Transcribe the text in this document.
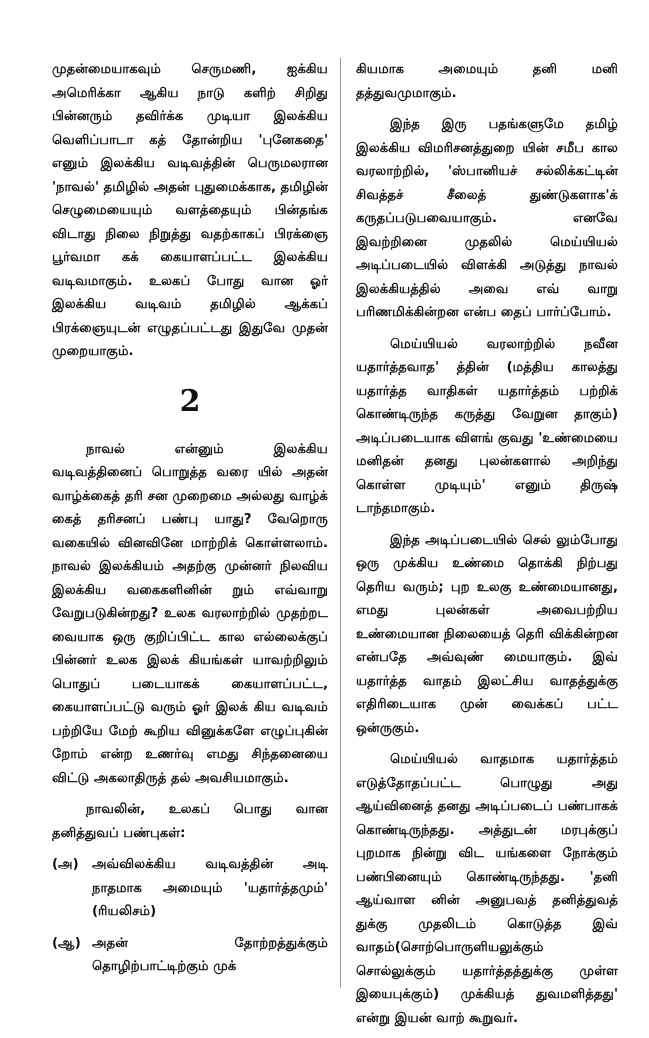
முதன்மையாகவும் செருமணி, ஐக்கிய அமெரிக்கா ஆகிய நாடு களிற் சிறிது பின்னரும் தவிர்க்க முடியா இலக்கிய வெளிப்பாடா கத் தோன்றிய 'புனேகதை' எனும் இலக்கிய வடிவத்தின் பெருமலரான 'நாவல்' தமிழில் அதன் புதுமைக்காக, தமிழின் செழுமையையும் வளத்தையும் பின்தங்க விடாது நிலை நிறுத்து வதற்காகப் பிரக்ஞை பூர்வமா கக் கையாளப்பட்ட இலக்கிய வடிவமாகும். உலகப் போது வான ஓர் இலக்கிய வடிவம் தமிழில் ஆக்கப் பிரக்ஞையுடன் எழுதப்பட்டது இதுவே முதன் முறையாகும்.

2

நாவல் என்னும் இலக்கிய வடிவத்தினைப் பொறுத்த வரை யில் அதன் வாழ்க்கைத் தரி சன முறைமை அல்லது வாழ்க் கைத் தரிசனப் பண்பு யாது? வேறொரு வகையில் வினவினே மாற்றிக் கொள்ளலாம். நாவல் இலக்கியம் அதற்கு முன்னர் நிலவிய இலக்கிய வகைகளினின் றும் எவ்வாறு வேறுபடுகின்றது? உலக வரலாற்றில் முதற்றட வையாக ஒரு குறிப்பிட்ட கால எல்லைக்குப் பின்னர் உலக இலக் கியங்கள் யாவற்றிலும் பொதுப் படையாகக் கையாளப்பட்ட, கையாளப்பட்டு வரும் ஓர் இலக் கிய வடிவம் பற்றியே மேற் கூறிய வினுக்களே எழுப்புகின் றோம் என்ற உணர்வு எமது சிந்தனையை விட்டு அகலாதிருத் தல் அவசியமாகும்.

நாவலின், உலகப் பொது வான தனித்துவப் பண்புகள்:

(அ)	அவ்விலக்கிய வடிவத்தின் அடி நாதமாக அமையும் 'யதார்த்தமும்' (ரியலிசம்)
(ஆ) அதன் தோற்றத்துக்கும் தொழிற்பாட்டிற்கும் முக்

கியமாக அமையும் தனி மனி தத்துவமுமாகும்.

இந்த இரு பதங்களுமே தமிழ் இலக்கிய விமரிசனத்துறை யின் சமீப கால வரலாற்றில், 'ஸ்பானியச் சல்லிக்கட்டின் சிவத்தச் சீலைத் துண்டுகளாக'க் கருதப்படுபவையாகும். எனவே இவற்றினை முதலில் மெய்யியல் அடிப்படையில் விளக்கி அடுத்து நாவல் இலக்கியத்தில் அவை எவ் வாறு பரிணமிக்கின்றன என்ப தைப் பார்ப்போம்.

மெய்யியல் வரலாற்றில் நவீன யதார்த்தவாத' த்தின் (மத்திய காலத்து யதார்த்த வாதிகள் யதார்த்தம் பற்றிக் கொண்டிருந்த கருத்து வேறுன தாகும்) அடிப்படையாக விளங் குவது 'உண்மையை மனிதன் தனது புலன்களால் அறிந்து கொள்ள முடியும்' எனும் திருஷ் டாந்தமாகும்.

இந்த அடிப்படையில் செல் லும்போது ஒரு முக்கிய உண்மை தொக்கி நிற்பது தெரிய வரும்; புற உலகு உண்மையானது, எமது புலன்கள் அவைபற்றிய உண்மையான நிலையைத் தெரி விக்கின்றன என்பதே அவ்வுண் மையாகும். இவ் யதார்த்த வாதம் இலட்சிய வாதத்துக்கு எதிரிடையாக முன் வைக்கப் பட்ட ஒன்ருகும்.

மெய்யியல் வாதமாக யதார்த்தம் எடுத்தோதப்பட்ட பொழுது அது ஆய்வினைத் தனது அடிப்படைப் பண்பாகக் கொண்டிருந்தது. அத்துடன் மரபுக்குப் புறமாக நின்று விட யங்களை நோக்கும் பண்பினையும் கொண்டிருந்தது. 'தனி ஆய்வாள னின் அனுபவத் தனித்துவத் துக்கு முதலிடம் கொடுத்த இவ் வாதம்(சொற்பொருளியலுக்கும் சொல்லுக்கும் யதார்த்தத்துக்கு முள்ள இயைபுக்கும்) முக்கியத் துவமளித்தது' என்று இயன் வாற் கூறுவர்.
